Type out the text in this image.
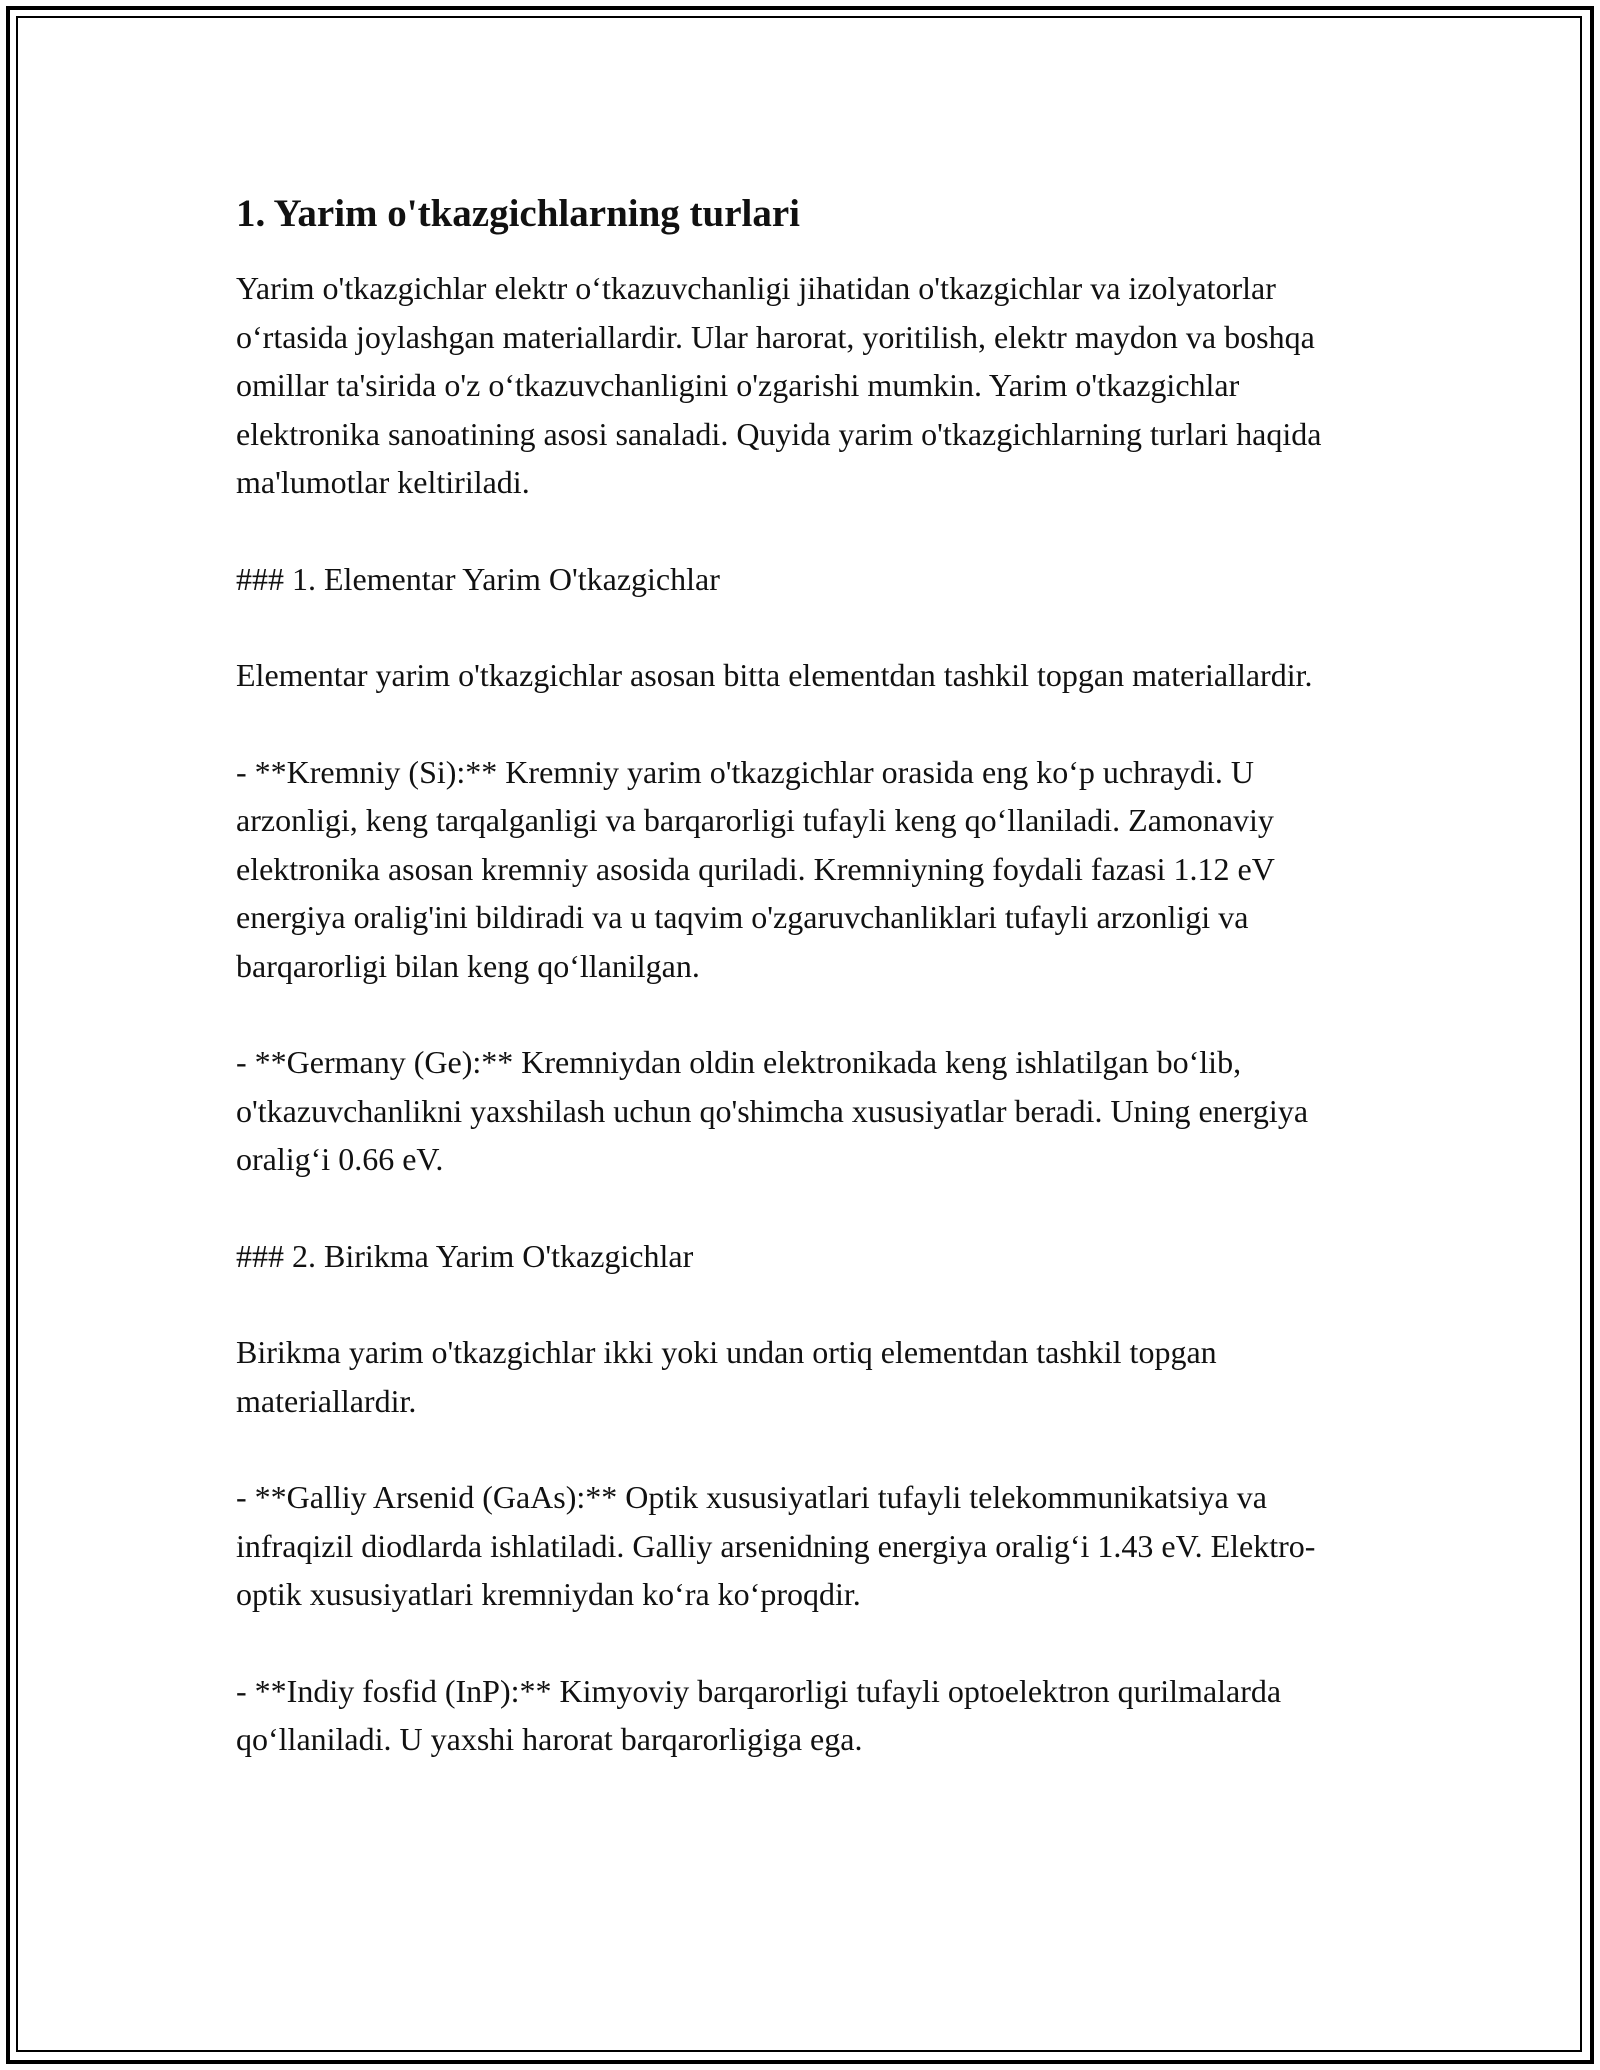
1. Yarim o'tkazgichlarning turlari

Yarim o'tkazgichlar elektr o‘tkazuvchanligi jihatidan o'tkazgichlar va izolyatorlar o‘rtasida joylashgan materiallardir. Ular harorat, yoritilish, elektr maydon va boshqa omillar ta'sirida o'z o‘tkazuvchanligini o'zgarishi mumkin. Yarim o'tkazgichlar elektronika sanoatining asosi sanaladi. Quyida yarim o'tkazgichlarning turlari haqida ma'lumotlar keltiriladi.

### 1. Elementar Yarim O'tkazgichlar

Elementar yarim o'tkazgichlar asosan bitta elementdan tashkil topgan materiallardir.

- **Kremniy (Si):** Kremniy yarim o'tkazgichlar orasida eng ko‘p uchraydi. U arzonligi, keng tarqalganligi va barqarorligi tufayli keng qo‘llaniladi. Zamonaviy elektronika asosan kremniy asosida quriladi. Kremniyning foydali fazasi 1.12 eV energiya oralig'ini bildiradi va u taqvim o'zgaruvchanliklari tufayli arzonligi va barqarorligi bilan keng qo‘llanilgan.

- **Germany (Ge):** Kremniydan oldin elektronikada keng ishlatilgan bo‘lib, o'tkazuvchanlikni yaxshilash uchun qo'shimcha xususiyatlar beradi. Uning energiya oralig‘i 0.66 eV.

### 2. Birikma Yarim O'tkazgichlar

Birikma yarim o'tkazgichlar ikki yoki undan ortiq elementdan tashkil topgan materiallardir.

- **Galliy Arsenid (GaAs):** Optik xususiyatlari tufayli telekommunikatsiya va infraqizil diodlarda ishlatiladi. Galliy arsenidning energiya oralig‘i 1.43 eV. Elektro-optik xususiyatlari kremniydan ko‘ra ko‘proqdir.

- **Indiy fosfid (InP):** Kimyoviy barqarorligi tufayli optoelektron qurilmalarda qo‘llaniladi. U yaxshi harorat barqarorligiga ega.
